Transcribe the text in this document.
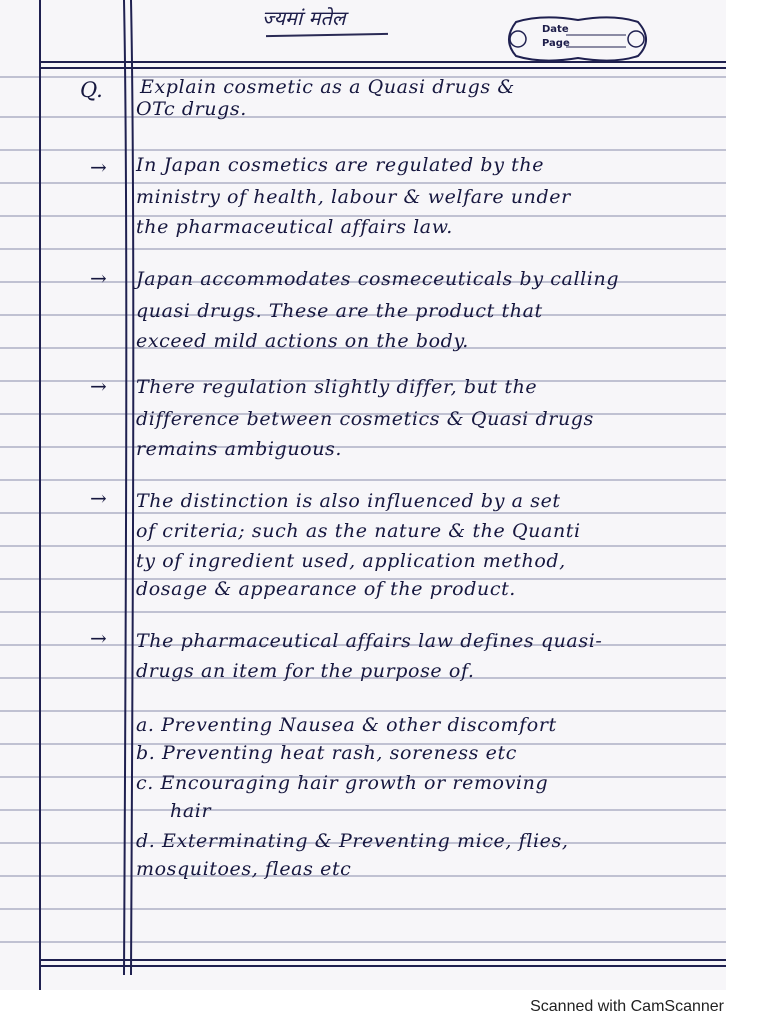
ज्यमां मतेल	Date
Page
Q. Explain cosmetic as a Quasi drugs &
OTc drugs.
→ In Japan cosmetics are regulated by the
ministry of health, labour & welfare under
the pharmaceutical affairs law.
→ Japan accommodates cosmeceuticals by calling
quasi drugs. These are the product that
exceed mild actions on the body.
→ There regulation slightly differ, but the
difference between cosmetics & Quasi drugs
remains ambiguous.
→ The distinction is also influenced by a set
of criteria; such as the nature & the Quanti
ty of ingredient used, application method,
dosage & appearance of the product.
→ The pharmaceutical affairs law defines quasi-
drugs an item for the purpose of.
a. Preventing Nausea & other discomfort
b. Preventing heat rash, soreness etc
c. Encouraging hair growth or removing
hair
d. Exterminating & Preventing mice, flies,
mosquitoes, fleas etc
Scanned with CamScanner
